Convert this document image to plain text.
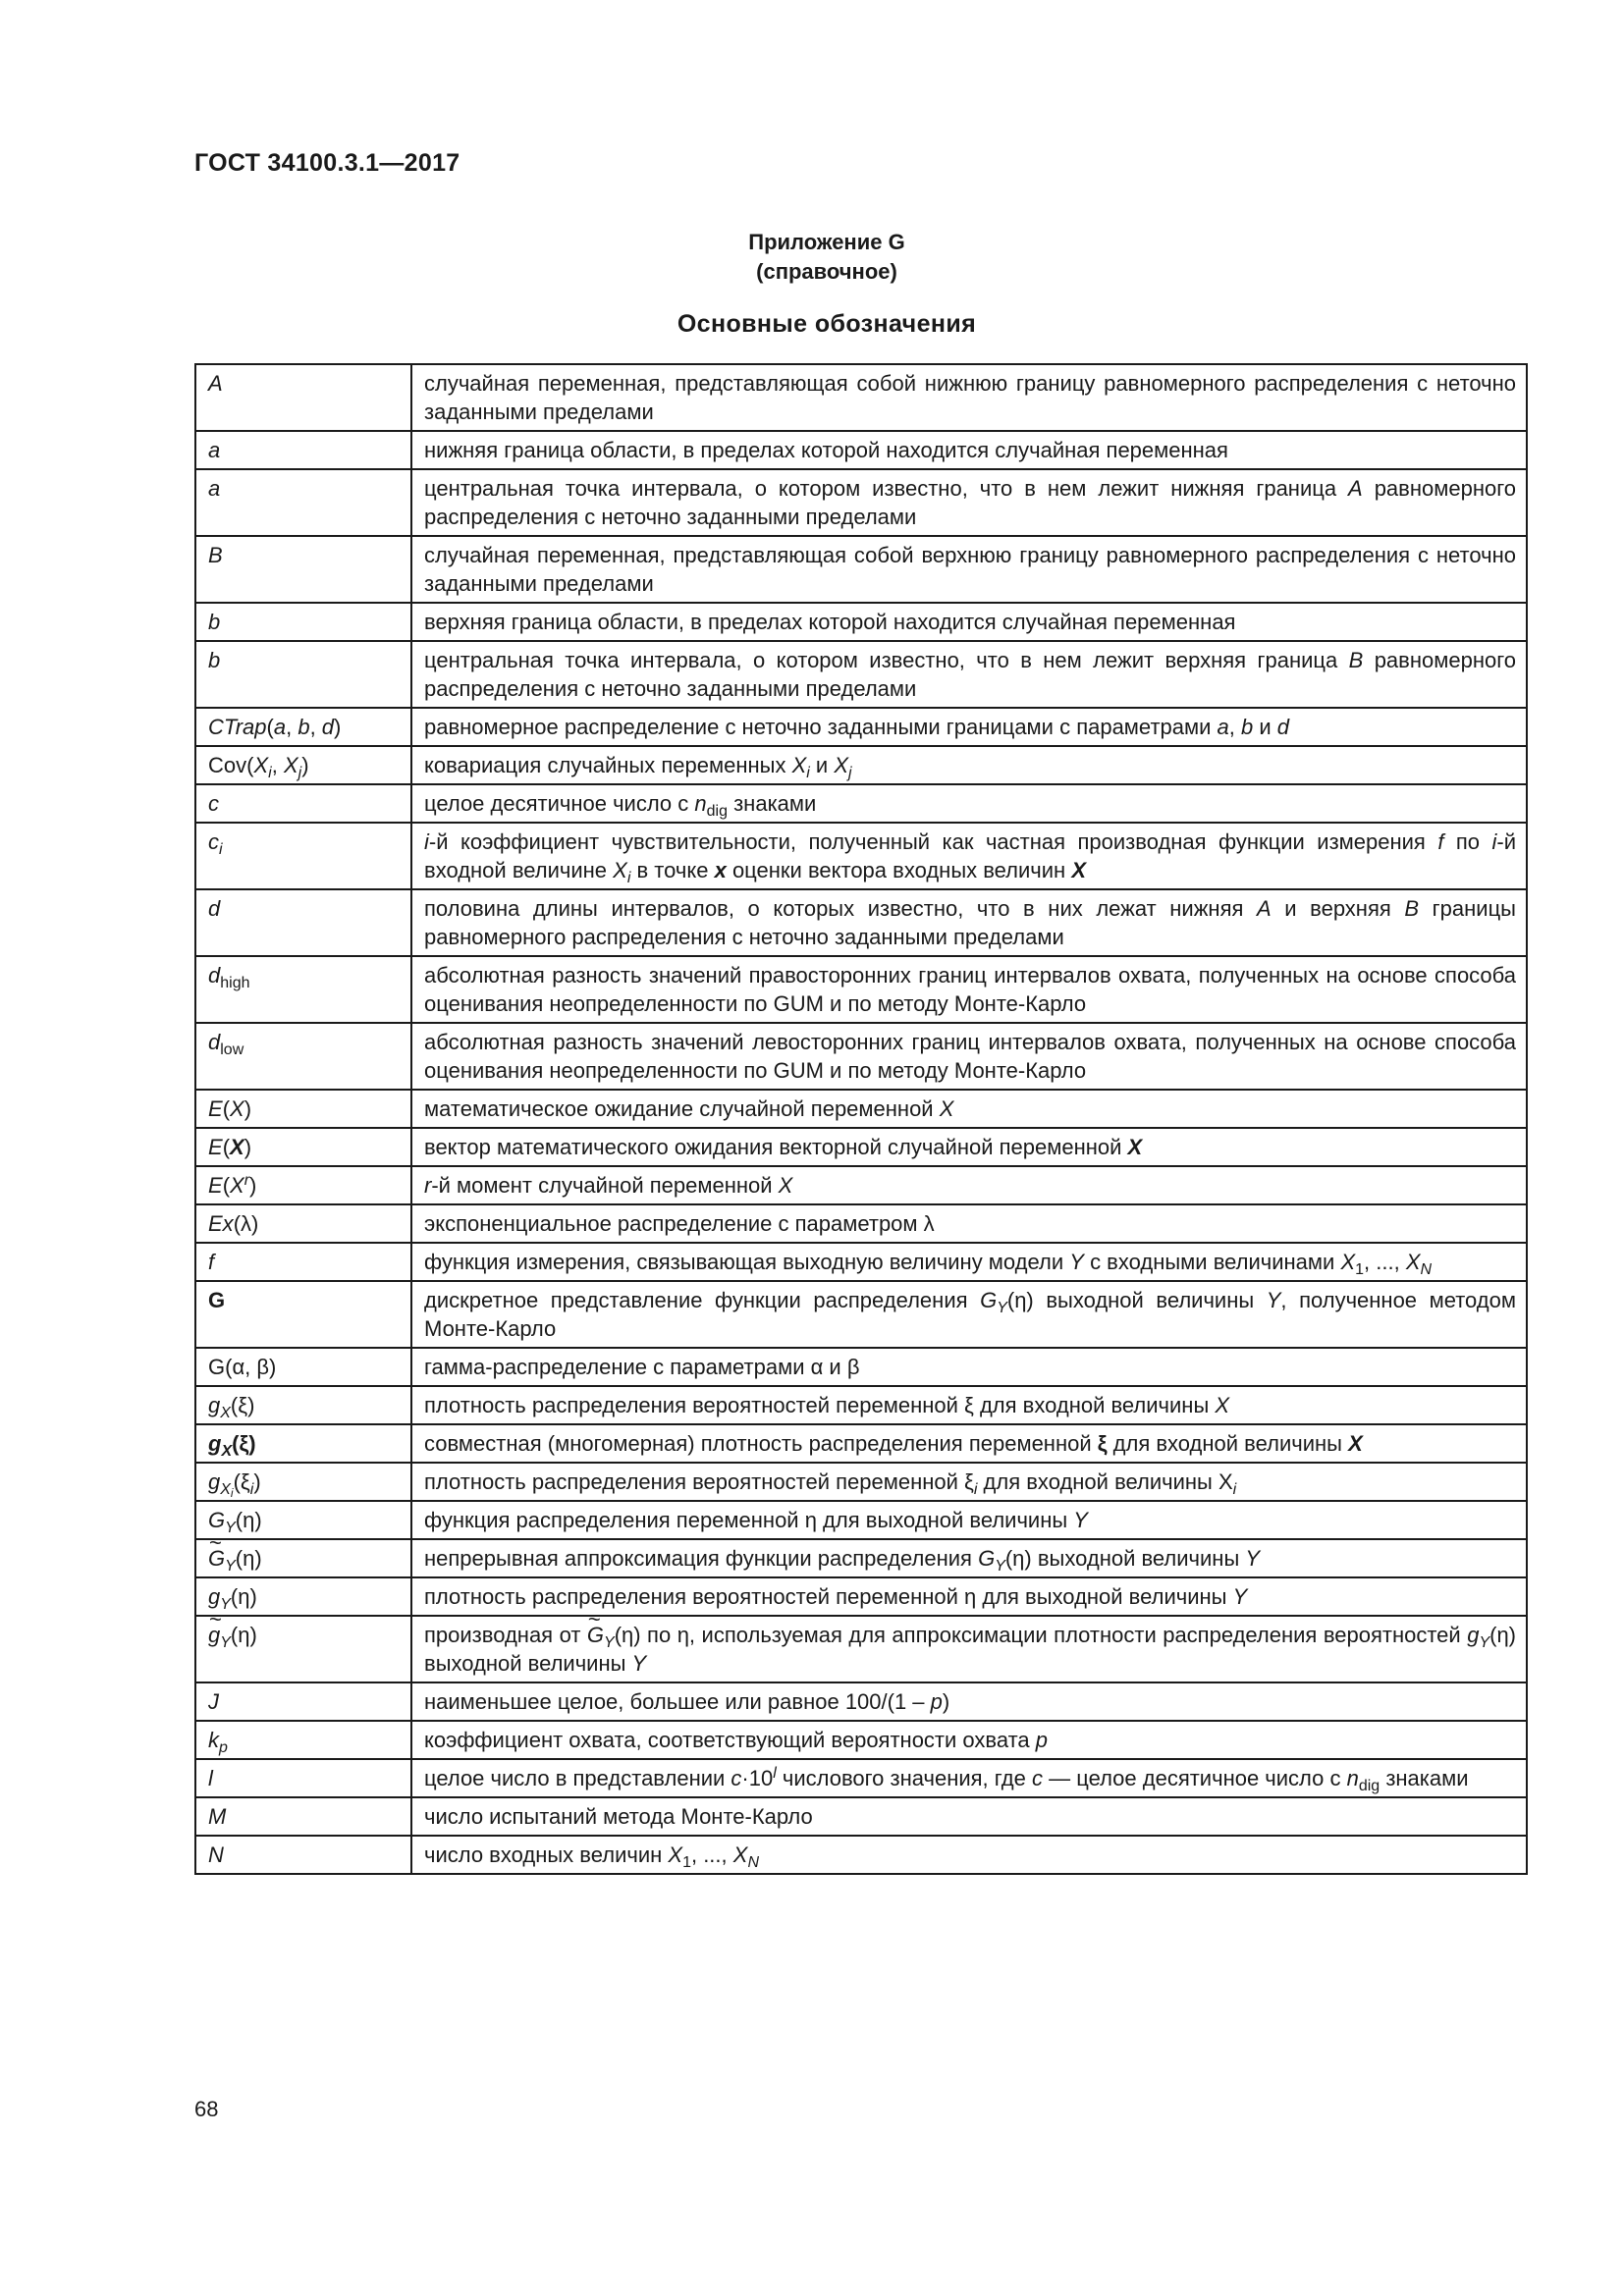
ГОСТ 34100.3.1—2017
Приложение G
(справочное)
Основные обозначения
A	случайная переменная, представляющая собой нижнюю границу равномерного распределения с неточно заданными пределами
a	нижняя граница области, в пределах которой находится случайная переменная
a	центральная точка интервала, о котором известно, что в нем лежит нижняя граница A равномерного распределения с неточно заданными пределами
B	случайная переменная, представляющая собой верхнюю границу равномерного распределения с неточно заданными пределами
b	верхняя граница области, в пределах которой находится случайная переменная
b	центральная точка интервала, о котором известно, что в нем лежит верхняя граница B равномерного распределения с неточно заданными пределами
CTrap(a, b, d)	равномерное распределение с неточно заданными границами с параметрами a, b и d
$Cov(X_i$, $X_j$)	ковариация случайных переменных $X_i$ и $X_j$
c	целое десятичное число с $n_{dig}$ знаками
$c_i$	i-й коэффициент чувствительности, полученный как частная производная функции измерения f по i-й входной величине $X_i$ в точке x оценки вектора входных величин X
d	половина длины интервалов, о которых известно, что в них лежат нижняя A и верхняя B границы равномерного распределения с неточно заданными пределами
$d_{high}$	абсолютная разность значений правосторонних границ интервалов охвата, полученных на основе способа оценивания неопределенности по GUM и по методу Монте-Карло
$d_{low}$	абсолютная разность значений левосторонних границ интервалов охвата, полученных на основе способа оценивания неопределенности по GUM и по методу Монте-Карло
E(X)	математическое ожидание случайной переменной X
E(X)	вектор математического ожидания векторной случайной переменной X
$E(X^r)$	r-й момент случайной переменной X
Ex(λ)	экспоненциальное распределение с параметром λ
f	функция измерения, связывающая выходную величину модели Y с входными величинами $X_1$, ..., $X_N$
G	дискретное представление функции распределения $G_Y(\eta)$ выходной величины Y, полученное методом Монте-Карло
G(α, β)	гамма-распределение с параметрами α и β
$g_X(\xi)$	плотность распределения вероятностей переменной ξ для входной величины X
$g_X(\xi)$	совместная (многомерная) плотность распределения переменной ξ для входной величины X
$g_{X_i}(\xi_i)$	плотность распределения вероятностей переменной $\xi_i$ для входной величины $X_i$
$G_Y(\eta)$	функция распределения переменной η для выходной величины Y
~ $G_Y(\eta)$	непрерывная аппроксимация функции распределения $G_Y(\eta)$ выходной величины Y
$g_Y(\eta)$	плотность распределения вероятностей переменной η для выходной величины Y
~ $g_Y(\eta)$	производная от ~ $G_Y(\eta)$ по η, используемая для аппроксимации плотности распределения вероятностей $g_Y(\eta)$ выходной величины Y
J	наименьшее целое, большее или равное 100/(1 – p)
$k_p$	коэффициент охвата, соответствующий вероятности охвата p
l	целое число в представлении $c\cdot 10^l$ числового значения, где c — целое десятичное число с $n_{dig}$ знаками
M	число испытаний метода Монте-Карло
N	число входных величин $X_1$, ..., $X_N$
68
